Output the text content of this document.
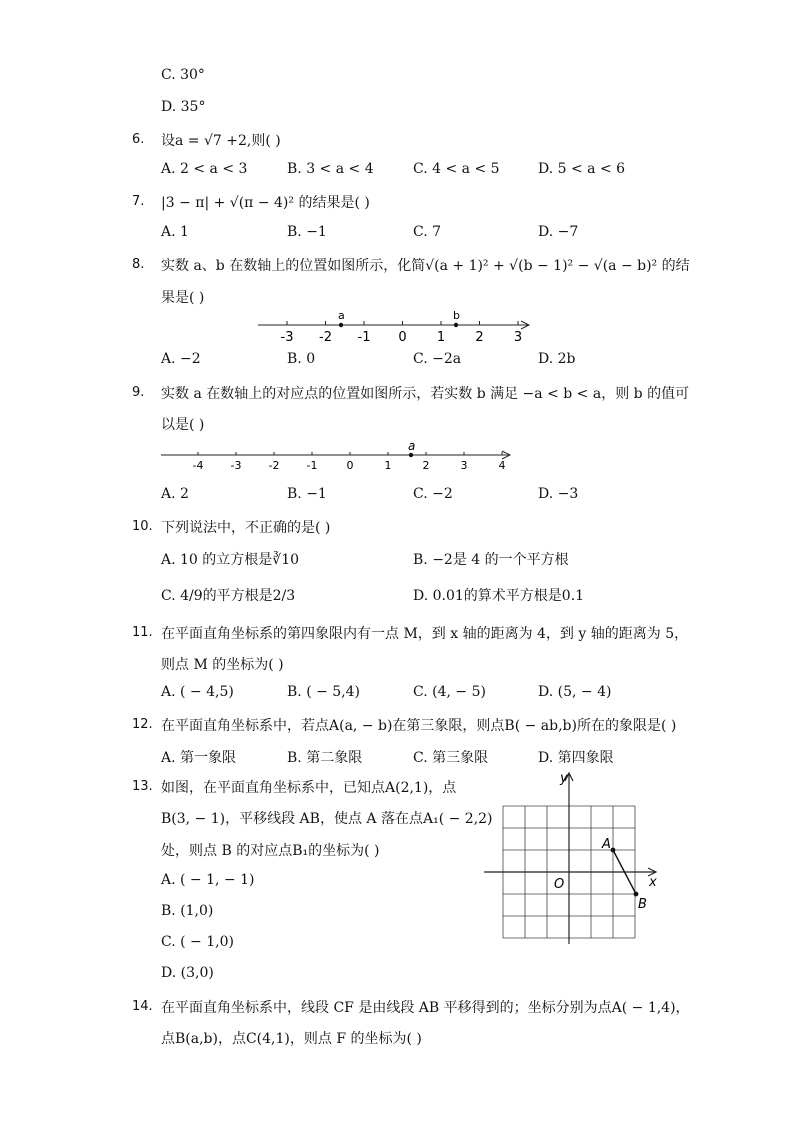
C. 30°
D. 35°
6. 设a = √7 +2,则( )
A. 2 < a < 3	B. 3 < a < 4	C. 4 < a < 5	D. 5 < a < 6
7. |3 − π| + √(π − 4)² 的结果是( )
A. 1	B. −1	C. 7	D. −7
8. 实数 a、b 在数轴上的位置如图所示，化简√(a + 1)² + √(b − 1)² − √(a − b)² 的结
果是( )
-3 -2 -1 0 1 2 3
a	b
A. −2	B. 0	C. −2a	D. 2b
9. 实数 a 在数轴上的对应点的位置如图所示，若实数 b 满足 −a < b < a，则 b 的值可
以是( )
-4 -3 -2 -1	0	1	2	3	4
a
A. 2	B. −1	C. −2	D. −3
10. 下列说法中，不正确的是( )
A. 10 的立方根是∛10	B. −2是 4 的一个平方根
C. 4/9的平方根是2/3	D. 0.01的算术平方根是0.1
11. 在平面直角坐标系的第四象限内有一点 M，到 x 轴的距离为 4，到 y 轴的距离为 5，
则点 M 的坐标为( )
A. ( − 4,5)	B. ( − 5,4)	C. (4, − 5)	D. (5, − 4)
12. 在平面直角坐标系中，若点A(a, − b)在第三象限，则点B( − ab,b)所在的象限是( )
A. 第一象限	B. 第二象限	C. 第三象限	D. 第四象限
13. 如图，在平面直角坐标系中，已知点A(2,1)，点
B(3, − 1)，平移线段 AB，使点 A 落在点A₁( − 2,2)
处，则点 B 的对应点B₁的坐标为( )
A. ( − 1, − 1)
B. (1,0)
C. ( − 1,0)
D. (3,0)
y
x
O
A
B
14. 在平面直角坐标系中，线段 CF 是由线段 AB 平移得到的；坐标分别为点A( − 1,4)，
点B(a,b)，点C(4,1)，则点 F 的坐标为( )
